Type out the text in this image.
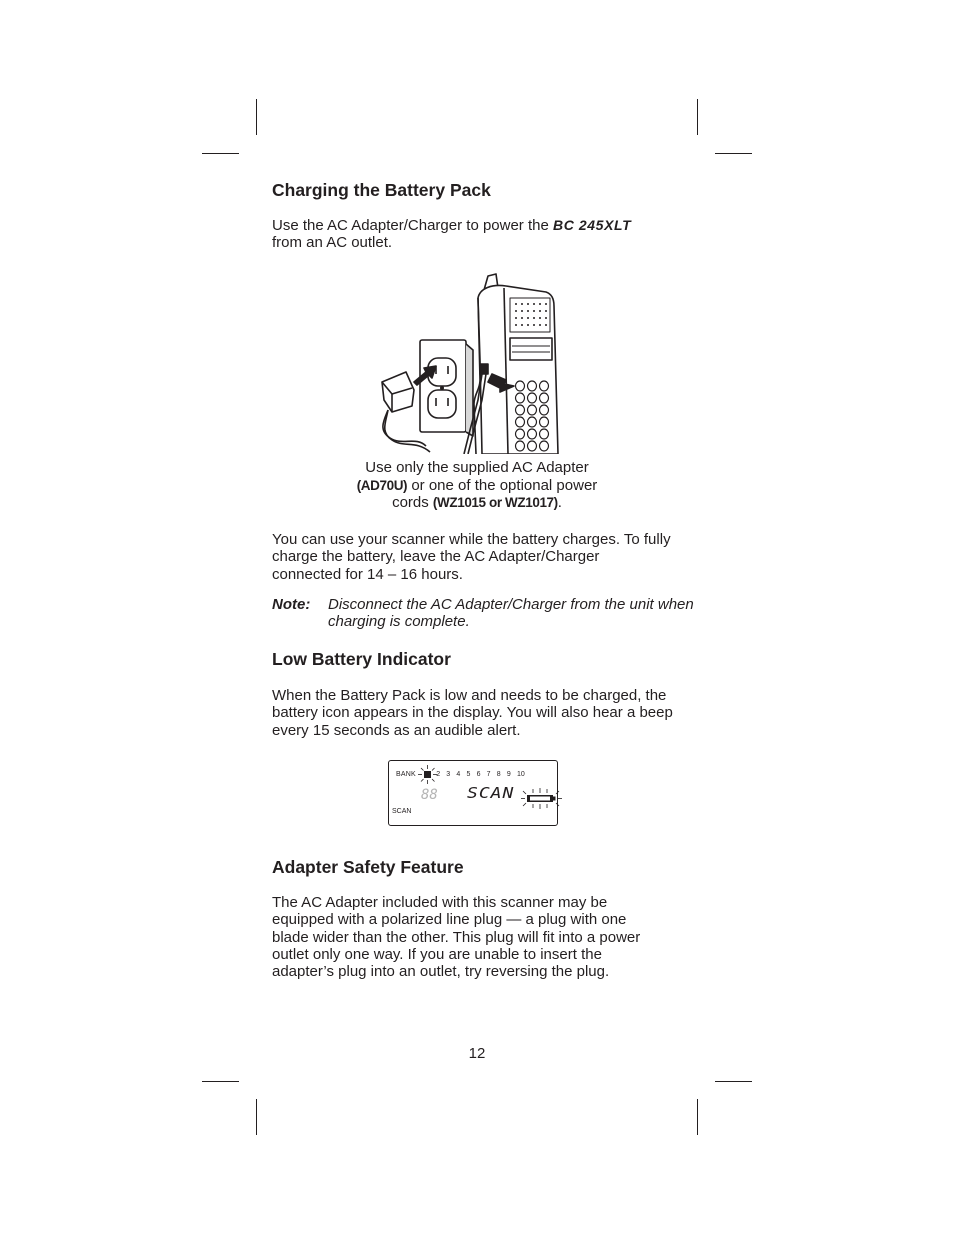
Charging the Battery Pack

Use the AC Adapter/Charger to power the BC 245XLT
from an AC outlet.

Use only the supplied AC Adapter
(AD70U) or one of the optional power
cords (WZ1015 or WZ1017).

You can use your scanner while the battery charges. To fully charge the battery, leave the AC Adapter/Charger connected for 14 – 16 hours.

Note: Disconnect the AC Adapter/Charger from the unit when charging is complete.

Low Battery Indicator

When the Battery Pack is low and needs to be charged, the battery icon appears in the display. You will also hear a beep every 15 seconds as an audible alert.

BANK	2 3 4 5 6 7 8 9 10
88 SCAN
SCAN
Adapter Safety Feature

The AC Adapter included with this scanner may be equipped with a polarized line plug — a plug with one blade wider than the other. This plug will fit into a power outlet only one way. If you are unable to insert the adapter’s plug into an outlet, try reversing the plug.

12
